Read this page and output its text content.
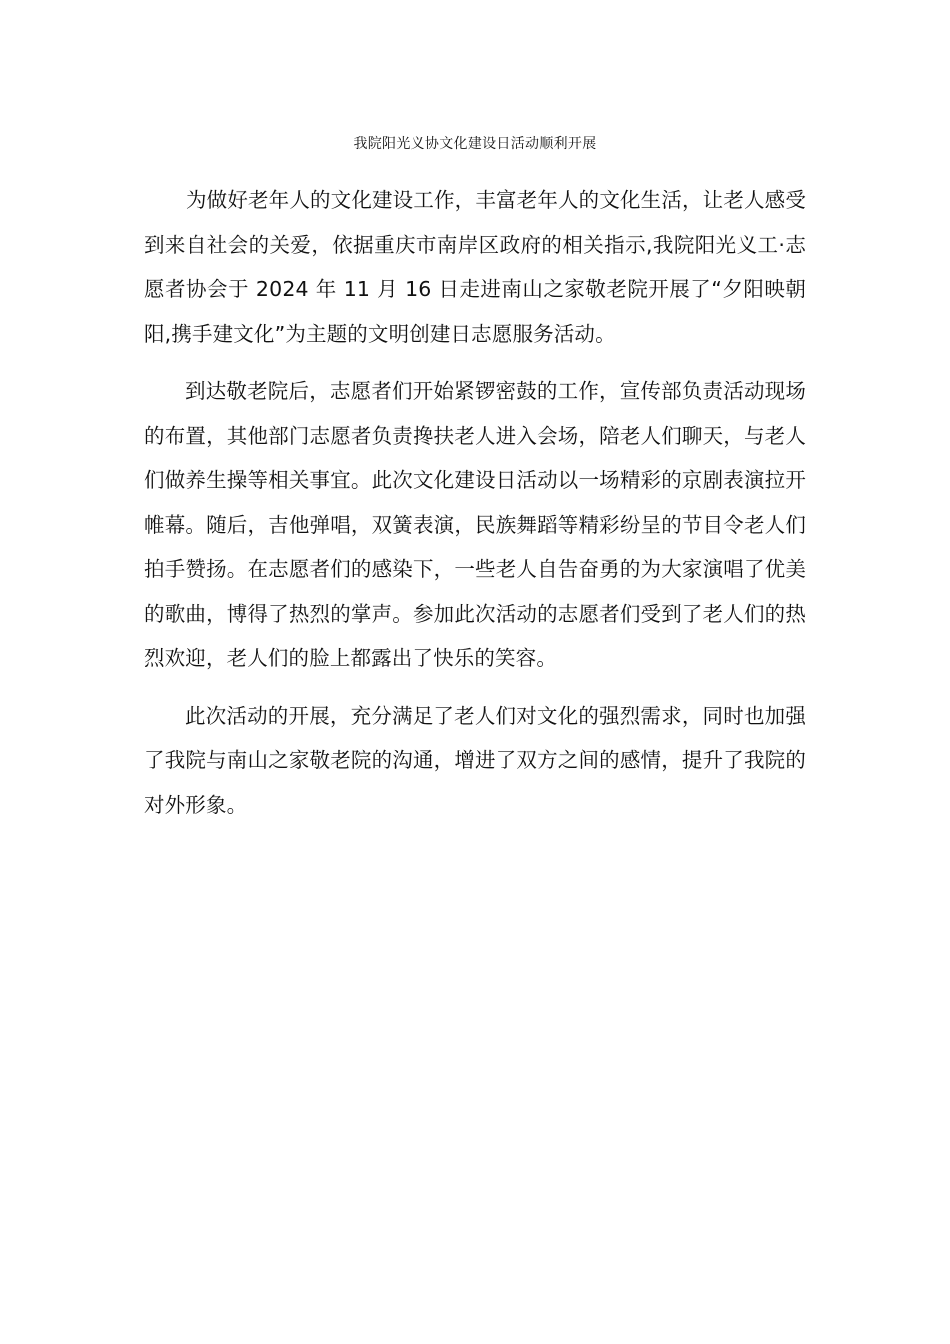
我院阳光义协文化建设日活动顺利开展

为做好老年人的文化建设工作，丰富老年人的文化生活，让老人感受到来自社会的关爱，依据重庆市南岸区政府的相关指示,我院阳光义工·志愿者协会于 2024 年 11 月 16 日走进南山之家敬老院开展了“夕阳映朝阳,携手建文化”为主题的文明创建日志愿服务活动。

到达敬老院后，志愿者们开始紧锣密鼓的工作，宣传部负责活动现场的布置，其他部门志愿者负责搀扶老人进入会场，陪老人们聊天，与老人们做养生操等相关事宜。此次文化建设日活动以一场精彩的京剧表演拉开帷幕。随后，吉他弹唱，双簧表演，民族舞蹈等精彩纷呈的节目令老人们拍手赞扬。在志愿者们的感染下，一些老人自告奋勇的为大家演唱了优美的歌曲，博得了热烈的掌声。参加此次活动的志愿者们受到了老人们的热烈欢迎，老人们的脸上都露出了快乐的笑容。

此次活动的开展，充分满足了老人们对文化的强烈需求，同时也加强了我院与南山之家敬老院的沟通，增进了双方之间的感情，提升了我院的对外形象。
